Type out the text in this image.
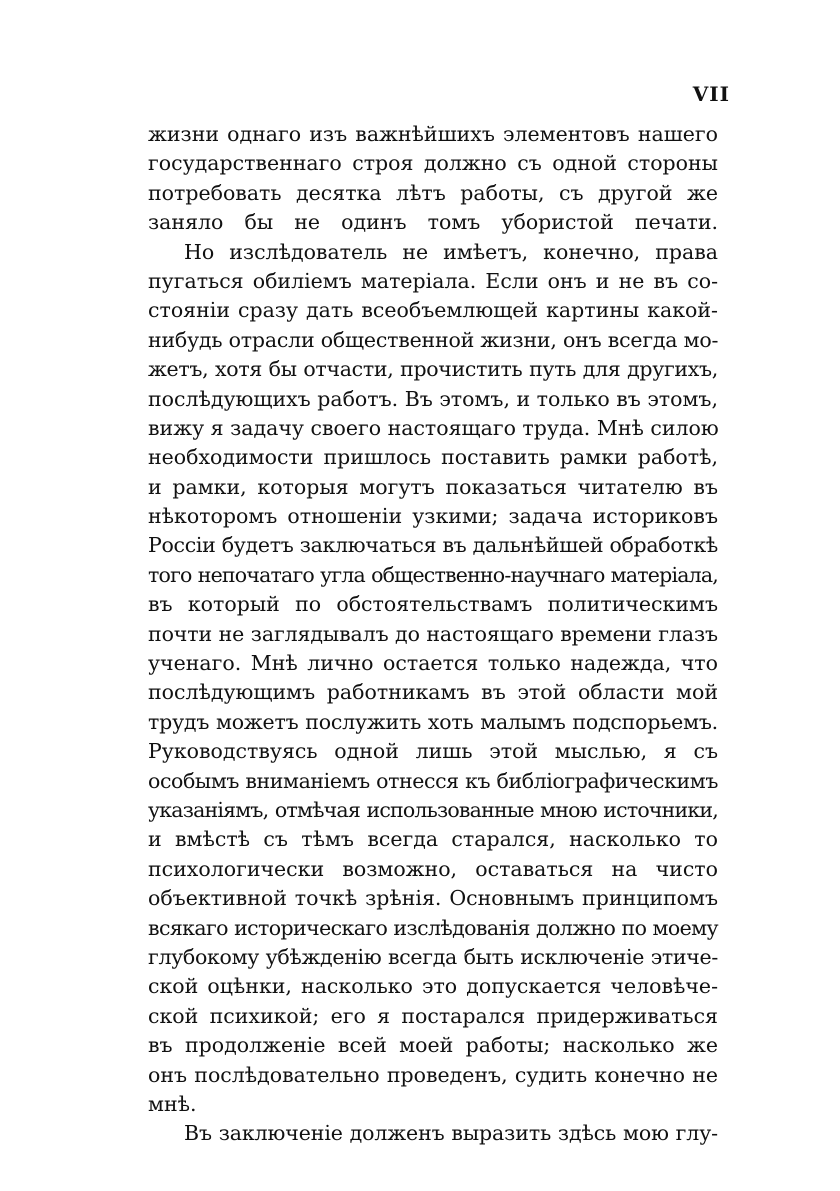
VII
жизни однаго изъ важнѣйшихъ элементовъ нашего
государственнаго строя должно съ одной стороны
потребовать десятка лѣтъ работы, съ другой же
заняло бы не одинъ томъ убористой печати.
Но изслѣдователь не имѣетъ, конечно, права
пугаться обиліемъ матеріала. Если онъ и не въ со-
стояніи сразу дать всеобъемлющей картины какой-
нибудь отрасли общественной жизни, онъ всегда мо-
жетъ, хотя бы отчасти, прочистить путь для другихъ,
послѣдующихъ работъ. Въ этомъ, и только въ этомъ,
вижу я задачу своего настоящаго труда. Мнѣ силою
необходимости пришлось поставить рамки работѣ,
и рамки, которыя могутъ показаться читателю въ
нѣкоторомъ отношеніи узкими; задача историковъ
Россіи будетъ заключаться въ дальнѣйшей обработкѣ
того непочатаго угла общественно-научнаго матеріала,
въ который по обстоятельствамъ политическимъ
почти не заглядывалъ до настоящаго времени глазъ
ученаго. Мнѣ лично остается только надежда, что
послѣдующимъ работникамъ въ этой области мой
трудъ можетъ послужить хоть малымъ подспорьемъ.
Руководствуясь одной лишь этой мыслью, я съ
особымъ вниманіемъ отнесся къ библіографическимъ
указаніямъ, отмѣчая использованные мною источники,
и вмѣстѣ съ тѣмъ всегда старался, насколько то
психологически возможно, оставаться на чисто
объективной точкѣ зрѣнія. Основнымъ принципомъ
всякаго историческаго изслѣдованія должно по моему
глубокому убѣжденію всегда быть исключеніе этиче-
ской оцѣнки, насколько это допускается человѣче-
ской психикой; его я постарался придерживаться
въ продолженіе всей моей работы; насколько же
онъ послѣдовательно проведенъ, судить конечно не
мнѣ.
Въ заключеніе долженъ выразить здѣсь мою глу-
